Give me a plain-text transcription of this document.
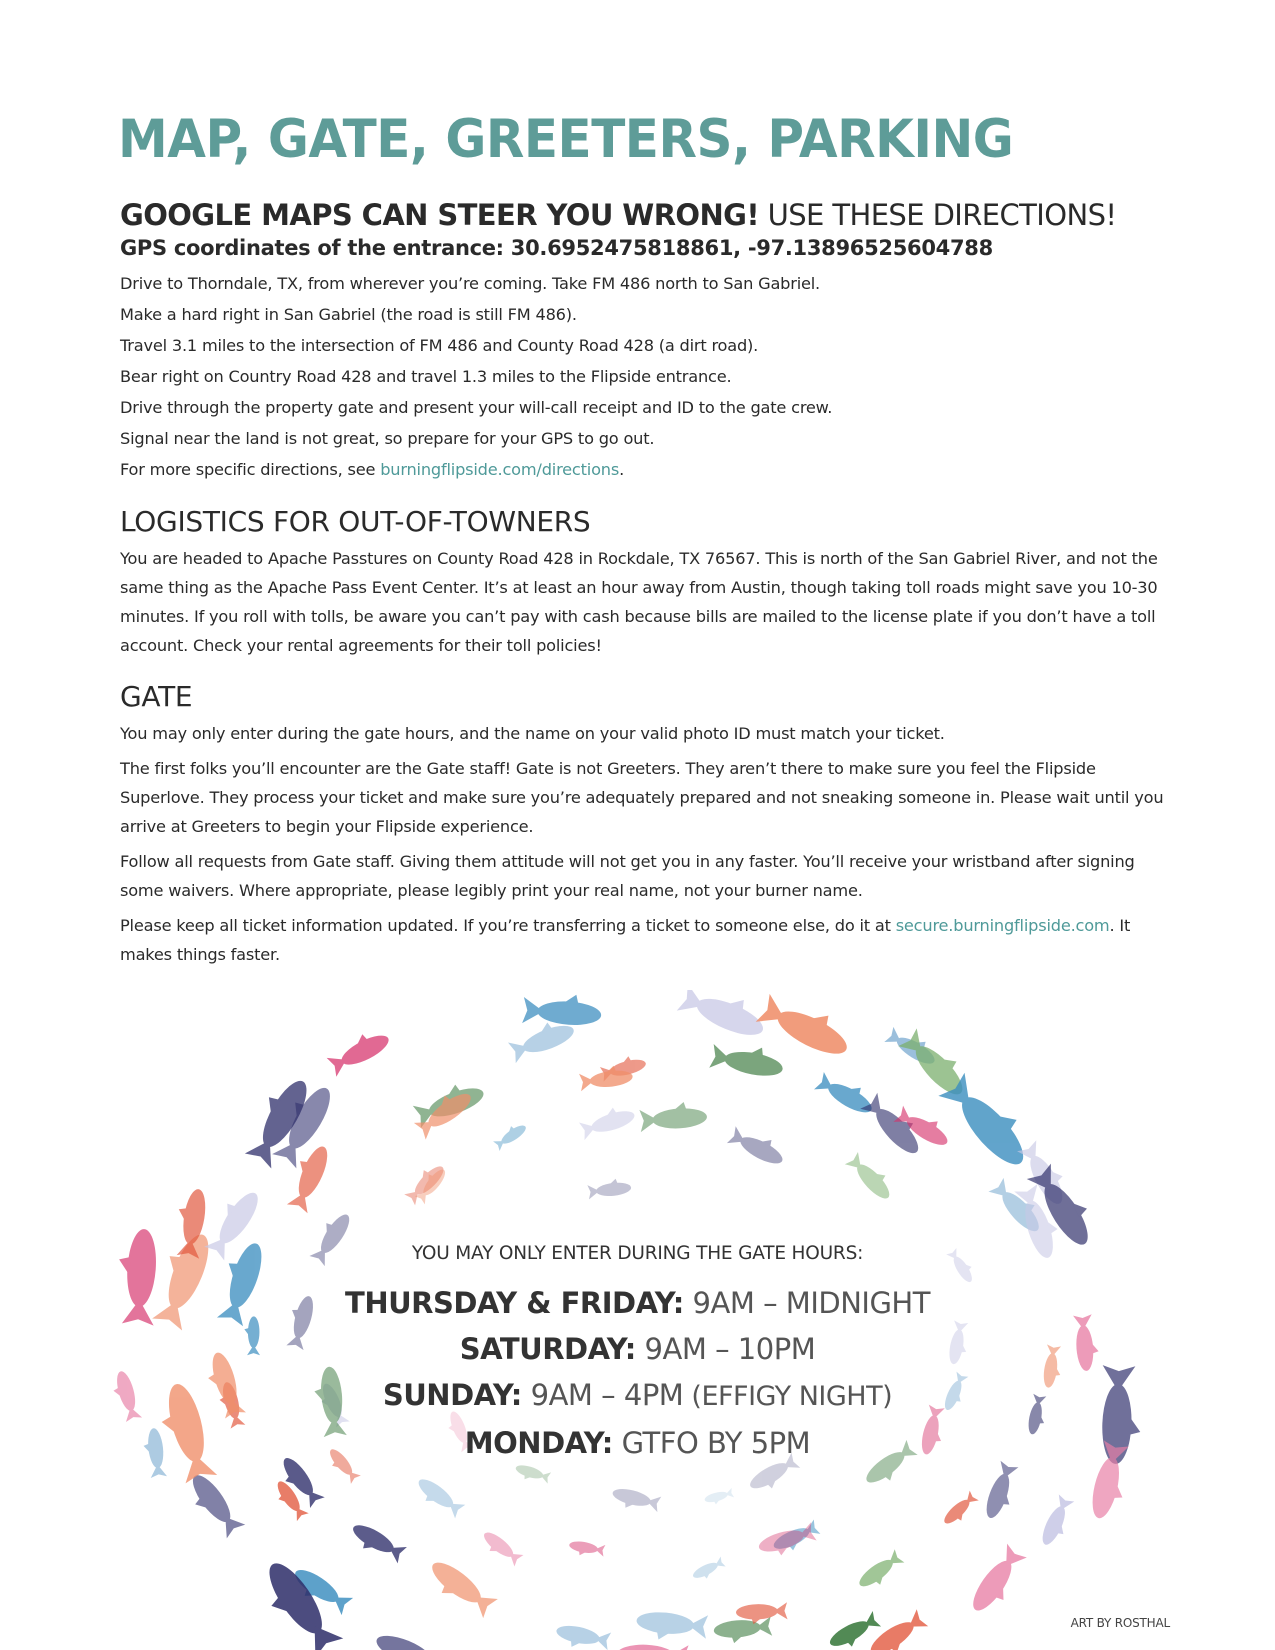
MAP, GATE, GREETERS, PARKING
GOOGLE MAPS CAN STEER YOU WRONG! USE THESE DIRECTIONS!
GPS coordinates of the entrance: 30.6952475818861, -97.13896525604788

Drive to Thorndale, TX, from wherever you’re coming. Take FM 486 north to San Gabriel.

Make a hard right in San Gabriel (the road is still FM 486).

Travel 3.1 miles to the intersection of FM 486 and County Road 428 (a dirt road).

Bear right on Country Road 428 and travel 1.3 miles to the Flipside entrance.

Drive through the property gate and present your will-call receipt and ID to the gate crew.

Signal near the land is not great, so prepare for your GPS to go out.

For more specific directions, see burningflipside.com/directions.

LOGISTICS FOR OUT-OF-TOWNERS

You are headed to Apache Passtures on County Road 428 in Rockdale, TX 76567. This is north of the San Gabriel River, and not the same thing as the Apache Pass Event Center. It’s at least an hour away from Austin, though taking toll roads might save you 10-30 minutes. If you roll with tolls, be aware you can’t pay with cash because bills are mailed to the license plate if you don’t have a toll account. Check your rental agreements for their toll policies!

GATE

You may only enter during the gate hours, and the name on your valid photo ID must match your ticket.

The first folks you’ll encounter are the Gate staff! Gate is not Greeters. They aren’t there to make sure you feel the Flipside Superlove. They process your ticket and make sure you’re adequately prepared and not sneaking someone in. Please wait until you arrive at Greeters to begin your Flipside experience.

Follow all requests from Gate staff. Giving them attitude will not get you in any faster. You’ll receive your wristband after signing some waivers. Where appropriate, please legibly print your real name, not your burner name.

Please keep all ticket information updated. If you’re transferring a ticket to someone else, do it at secure.burningflipside.com. It makes things faster.

YOU MAY ONLY ENTER DURING THE GATE HOURS:
THURSDAY & FRIDAY: 9AM – MIDNIGHT
SATURDAY: 9AM – 10PM
SUNDAY: 9AM – 4PM (EFFIGY NIGHT)
MONDAY: GTFO BY 5PM
ART BY ROSTHAL
